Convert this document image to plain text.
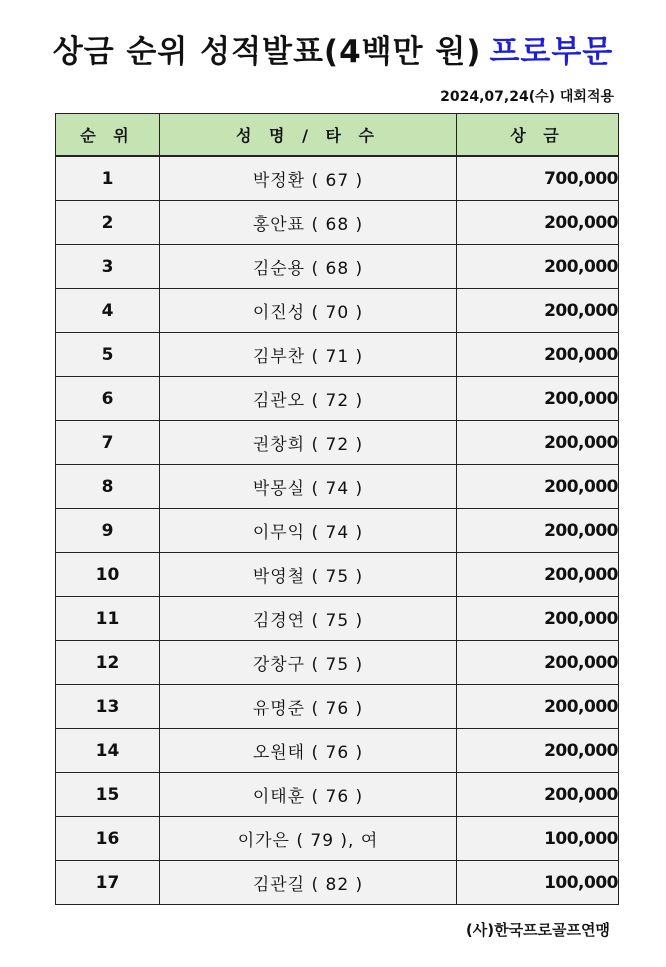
상금 순위 성적발표(4백만 원) 프로부문
2024,07,24(수) 대회적용
순 위	성 명 / 타 수	상 금
1	박정환 ( 67 )	700,000
2	홍안표 ( 68 )	200,000
3	김순용 ( 68 )	200,000
4	이진성 ( 70 )	200,000
5	김부찬 ( 71 )	200,000
6	김관오 ( 72 )	200,000
7	권창희 ( 72 )	200,000
8	박몽실 ( 74 )	200,000
9	이무익 ( 74 )	200,000
10	박영철 ( 75 )	200,000
11	김경연 ( 75 )	200,000
12	강창구 ( 75 )	200,000
13	유명준 ( 76 )	200,000
14	오원태 ( 76 )	200,000
15	이태훈 ( 76 )	200,000
16	이가은 ( 79 ), 여	100,000
17	김관길 ( 82 )	100,000
(사)한국프로골프연맹
